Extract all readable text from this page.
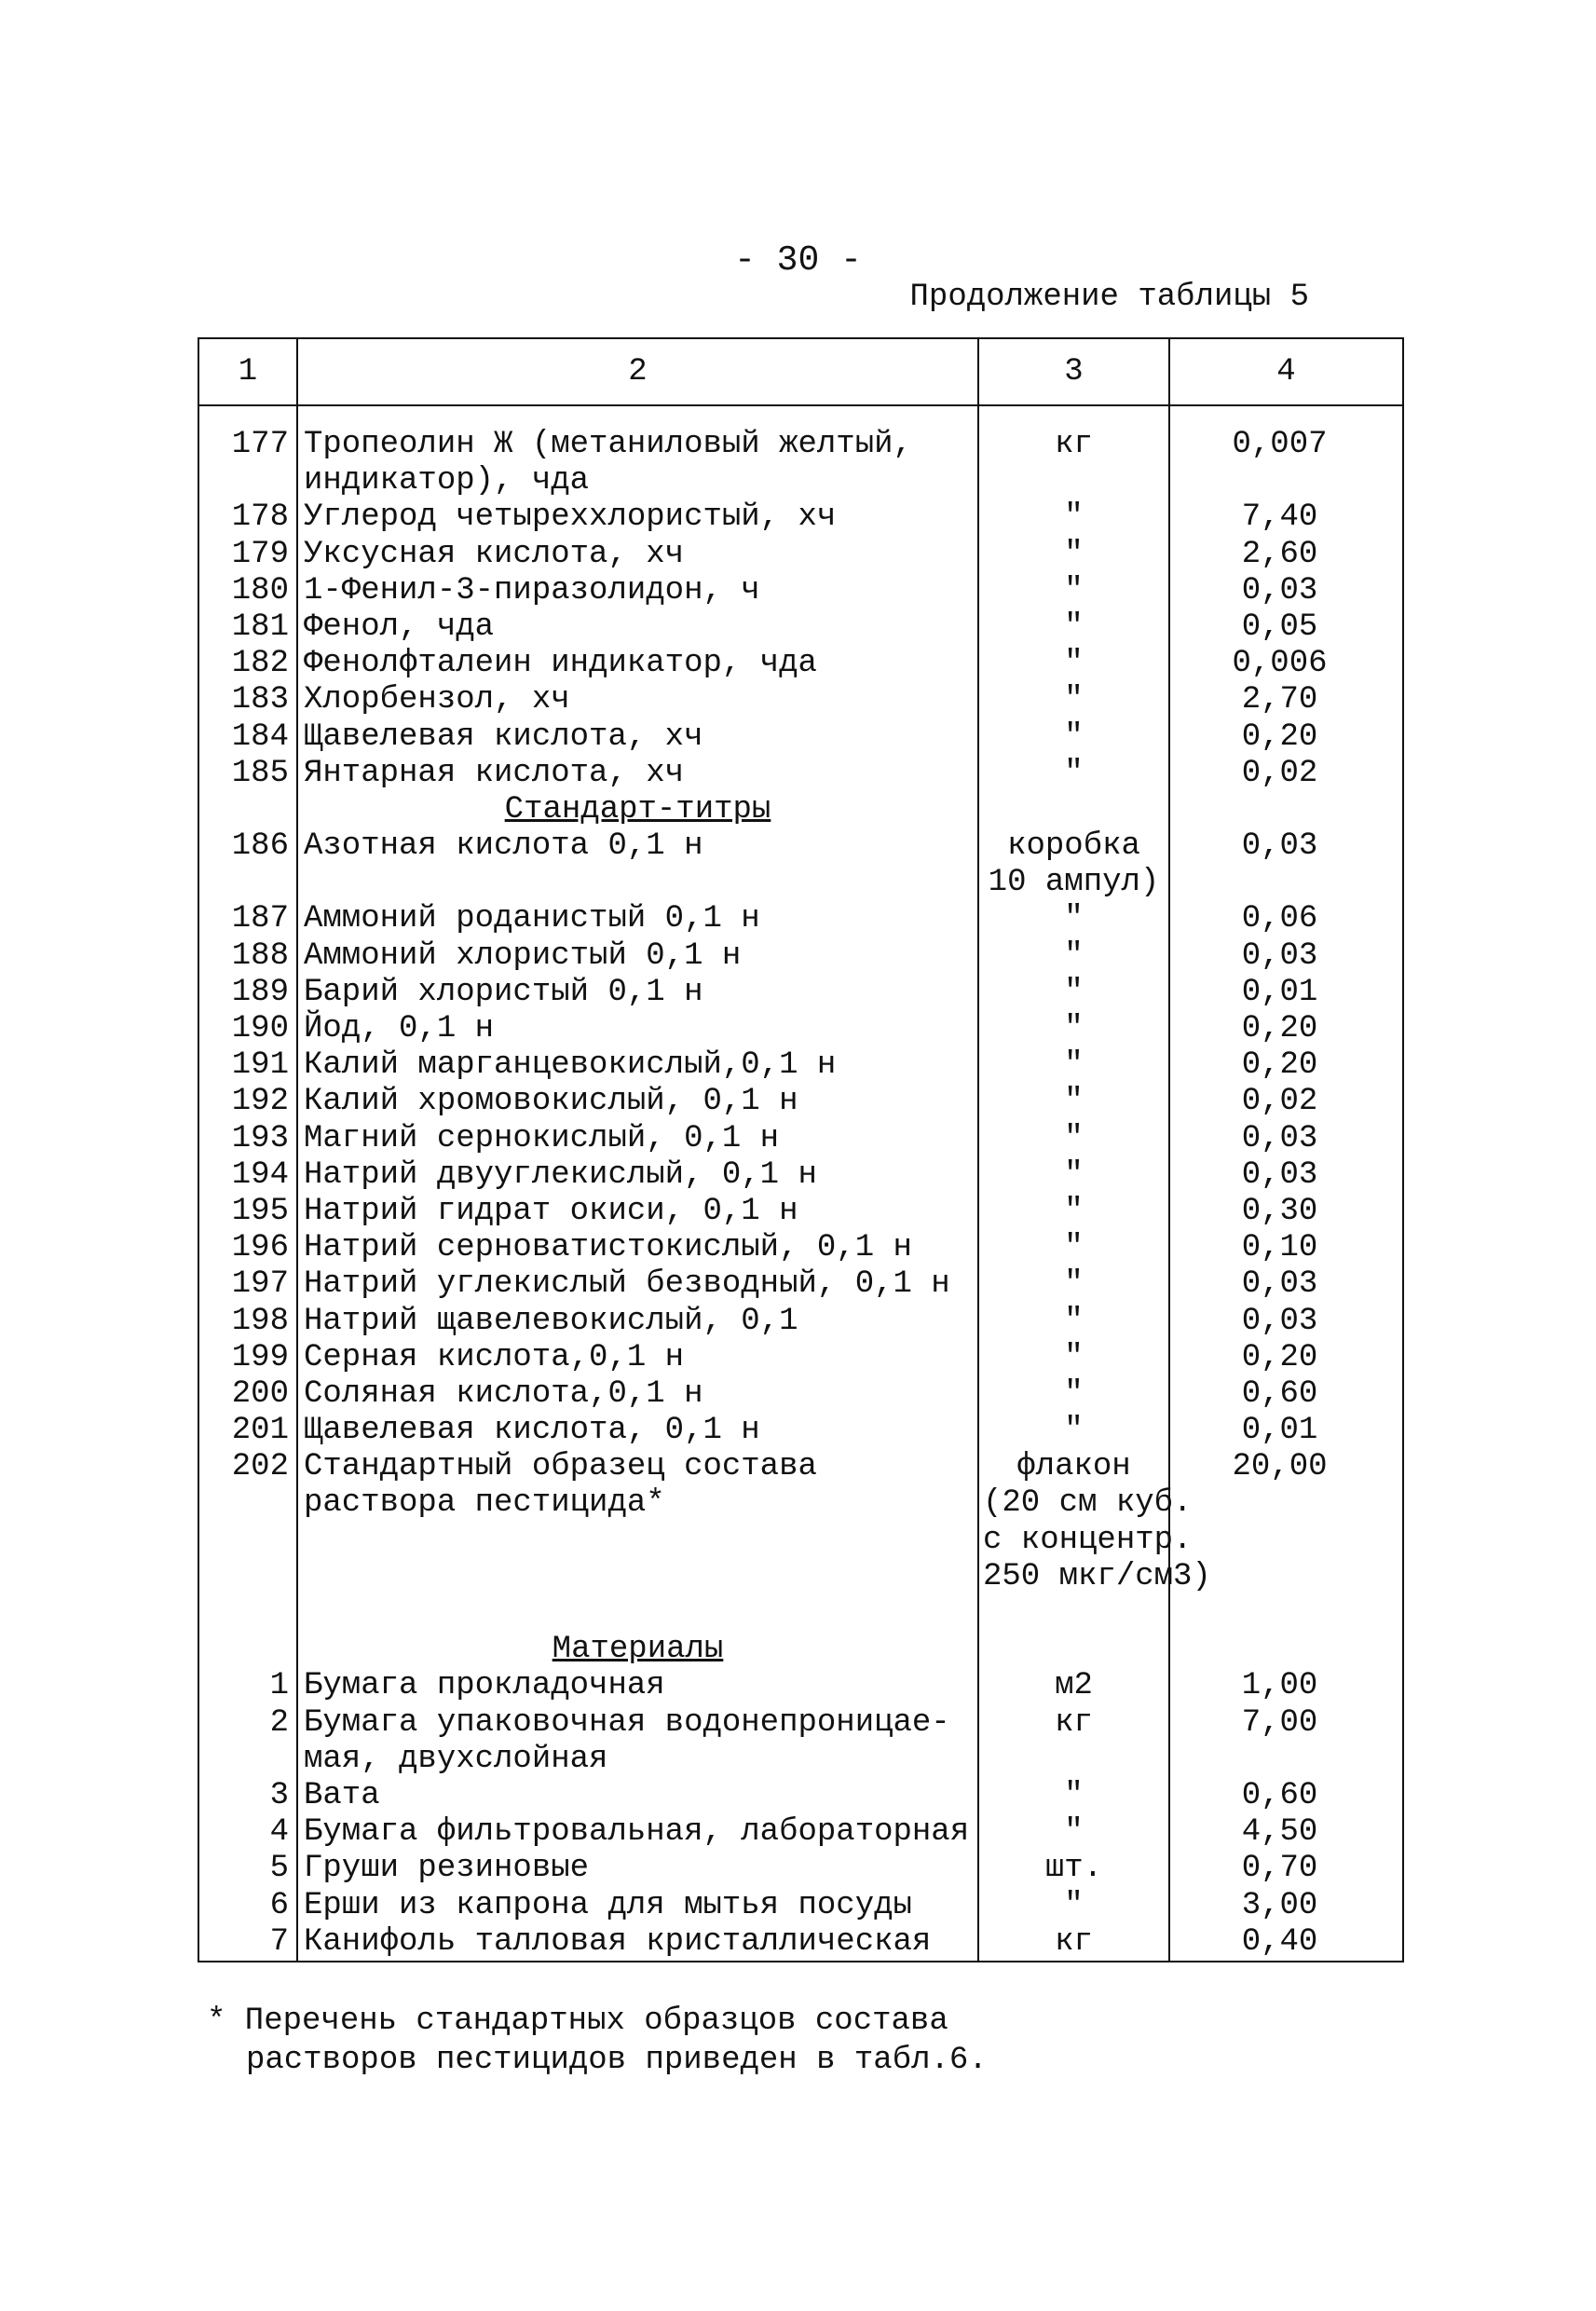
- 30 -
Продолжение таблицы 5
1	2	3	4
177	Тропеолин Ж (метаниловый желтый,	кг	0,007
	индикатор), чда		
178	Углерод четыреххлористый, хч	"	7,40
179	Уксусная кислота, хч	"	2,60
180	1-Фенил-3-пиразолидон, ч	"	0,03
181	Фенол, чда	"	0,05
182	Фенолфталеин индикатор, чда	"	0,006
183	Хлорбензол, хч	"	2,70
184	Щавелевая кислота, хч	"	0,20
185	Янтарная кислота, хч	"	0,02
	Стандарт-титры		
186	Азотная кислота 0,1 н	коробка	0,03
		10 ампул)	
187	Аммоний роданистый 0,1 н	"	0,06
188	Аммоний хлористый 0,1 н	"	0,03
189	Барий хлористый 0,1 н	"	0,01
190	Йод, 0,1 н	"	0,20
191	Калий марганцевокислый,0,1 н	"	0,20
192	Калий хромовокислый, 0,1 н	"	0,02
193	Магний сернокислый, 0,1 н	"	0,03
194	Натрий двууглекислый, 0,1 н	"	0,03
195	Натрий гидрат окиси, 0,1 н	"	0,30
196	Натрий серноватистокислый, 0,1 н	"	0,10
197	Натрий углекислый безводный, 0,1 н	"	0,03
198	Натрий щавелевокислый, 0,1	"	0,03
199	Серная кислота,0,1 н	"	0,20
200	Соляная кислота,0,1 н	"	0,60
201	Щавелевая кислота, 0,1 н	"	0,01
202	Стандартный образец состава	флакон	20,00
	раствора пестицида*	(20 см куб.	
		с концентр.	
		250 мкг/см3)	

	Материалы		
1	Бумага прокладочная	м2	1,00
2	Бумага упаковочная водонепроницае-	кг	7,00
	мая, двухслойная		
3	Вата	"	0,60
4	Бумага фильтровальная, лабораторная	"	4,50
5	Груши резиновые	шт.	0,70
6	Ерши из капрона для мытья посуды	"	3,00
7	Канифоль талловая кристаллическая	кг	0,40
* Перечень стандартных образцов состава
растворов пестицидов приведен в табл.6.
